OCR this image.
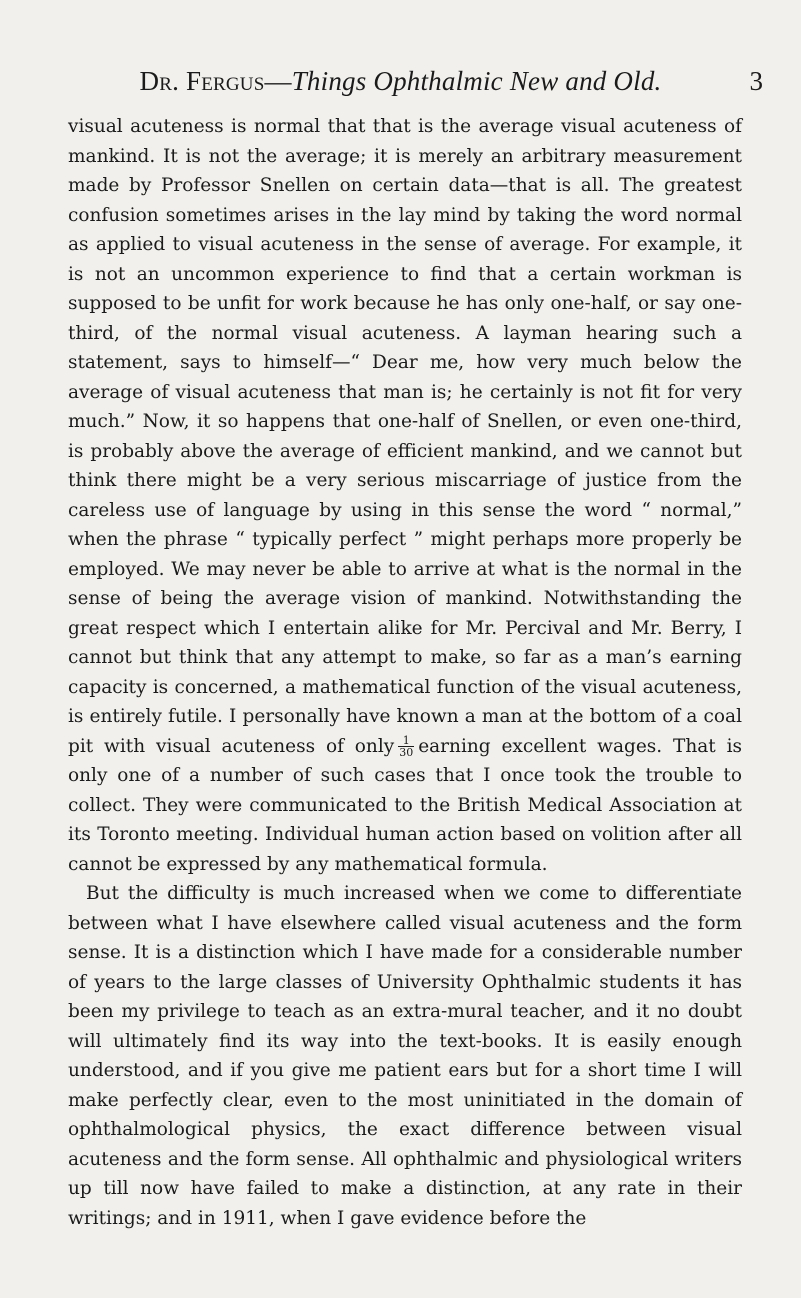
Dr. Fergus—Things Ophthalmic New and Old.	3

visual acuteness is normal that that is the average visual acuteness of mankind. It is not the average; it is merely an arbitrary measurement made by Professor Snellen on certain data—that is all. The greatest confusion sometimes arises in the lay mind by taking the word normal as applied to visual acuteness in the sense of average. For example, it is not an uncommon experience to find that a certain workman is supposed to be unfit for work because he has only one-half, or say one-third, of the normal visual acuteness. A layman hearing such a statement, says to himself—“ Dear me, how very much below the average of visual acuteness that man is; he certainly is not fit for very much.” Now, it so happens that one-half of Snellen, or even one-third, is probably above the average of efficient mankind, and we cannot but think there might be a very serious miscarriage of justice from the careless use of language by using in this sense the word “ normal,” when the phrase “ typically perfect ” might perhaps more properly be employed. We may never be able to arrive at what is the normal in the sense of being the average vision of mankind. Notwithstanding the great respect which I entertain alike for Mr. Percival and Mr. Berry, I cannot but think that any attempt to make, so far as a man’s earning capacity is concerned, a mathematical function of the visual acuteness, is entirely futile. I personally have known a man at the bottom of a coal pit with visual acuteness of only $\frac{1}{30}$ earning excellent wages. That is only one of a number of such cases that I once took the trouble to collect. They were communicated to the British Medical Association at its Toronto meeting. Individual human action based on volition after all cannot be expressed by any mathematical formula.

But the difficulty is much increased when we come to differentiate between what I have elsewhere called visual acuteness and the form sense. It is a distinction which I have made for a considerable number of years to the large classes of University Ophthalmic students it has been my privilege to teach as an extra-mural teacher, and it no doubt will ultimately find its way into the text-books. It is easily enough understood, and if you give me patient ears but for a short time I will make perfectly clear, even to the most uninitiated in the domain of ophthalmological physics, the exact difference between visual acuteness and the form sense. All ophthalmic and physiological writers up till now have failed to make a distinction, at any rate in their writings; and in 1911, when I gave evidence before the
